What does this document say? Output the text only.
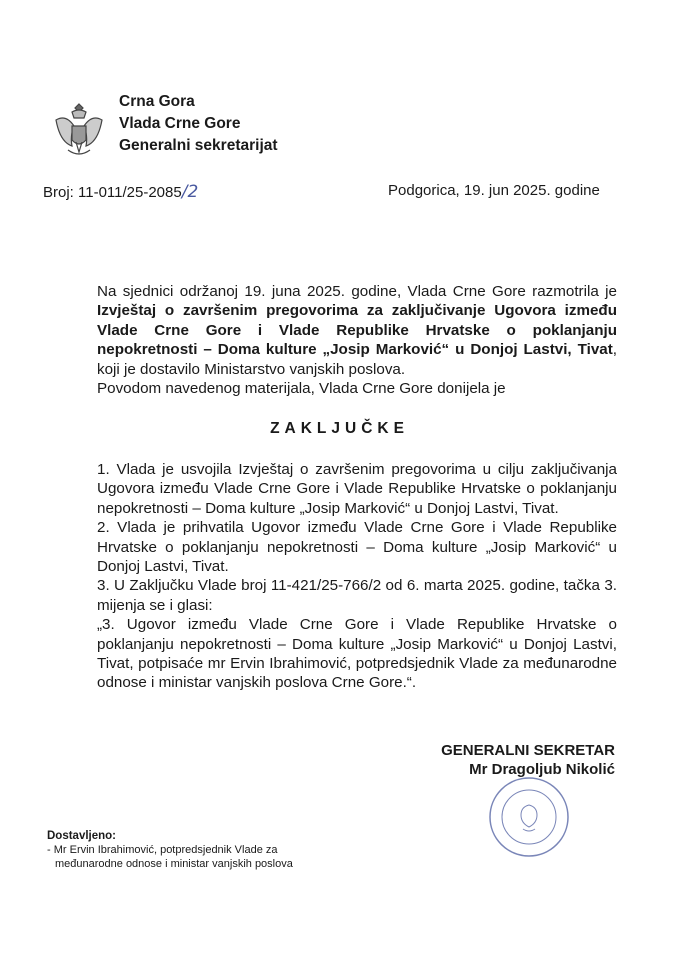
Crna Gora
Vlada Crne Gore
Generalni sekretarijat
Broj: 11-011/25-2085/2	Podgorica, 19. jun 2025. godine

Na sjednici održanoj 19. juna 2025. godine, Vlada Crne Gore razmotrila je Izvještaj o završenim pregovorima za zaključivanje Ugovora između Vlade Crne Gore i Vlade Republike Hrvatske o poklanjanju nepokretnosti – Doma kulture „Josip Marković“ u Donjoj Lastvi, Tivat, koji je dostavilo Ministarstvo vanjskih poslova.

Povodom navedenog materijala, Vlada Crne Gore donijela je

ZAKLJUČKE

1. Vlada je usvojila Izvještaj o završenim pregovorima u cilju zaključivanja Ugovora između Vlade Crne Gore i Vlade Republike Hrvatske o poklanjanju nepokretnosti – Doma kulture „Josip Marković“ u Donjoj Lastvi, Tivat.

2. Vlada je prihvatila Ugovor između Vlade Crne Gore i Vlade Republike Hrvatske o poklanjanju nepokretnosti – Doma kulture „Josip Marković“ u Donjoj Lastvi, Tivat.

3. U Zaključku Vlade broj 11-421/25-766/2 od 6. marta 2025. godine, tačka 3. mijenja se i glasi:

„3. Ugovor između Vlade Crne Gore i Vlade Republike Hrvatske o poklanjanju nepokretnosti – Doma kulture „Josip Marković“ u Donjoj Lastvi, Tivat, potpisaće mr Ervin Ibrahimović, potpredsjednik Vlade za međunarodne odnose i ministar vanjskih poslova Crne Gore.“.

GENERALNI SEKRETAR
Mr Dragoljub Nikolić
Dostavljeno:
- Mr Ervin Ibrahimović, potpredsjednik Vlade za
međunarodne odnose i ministar vanjskih poslova
